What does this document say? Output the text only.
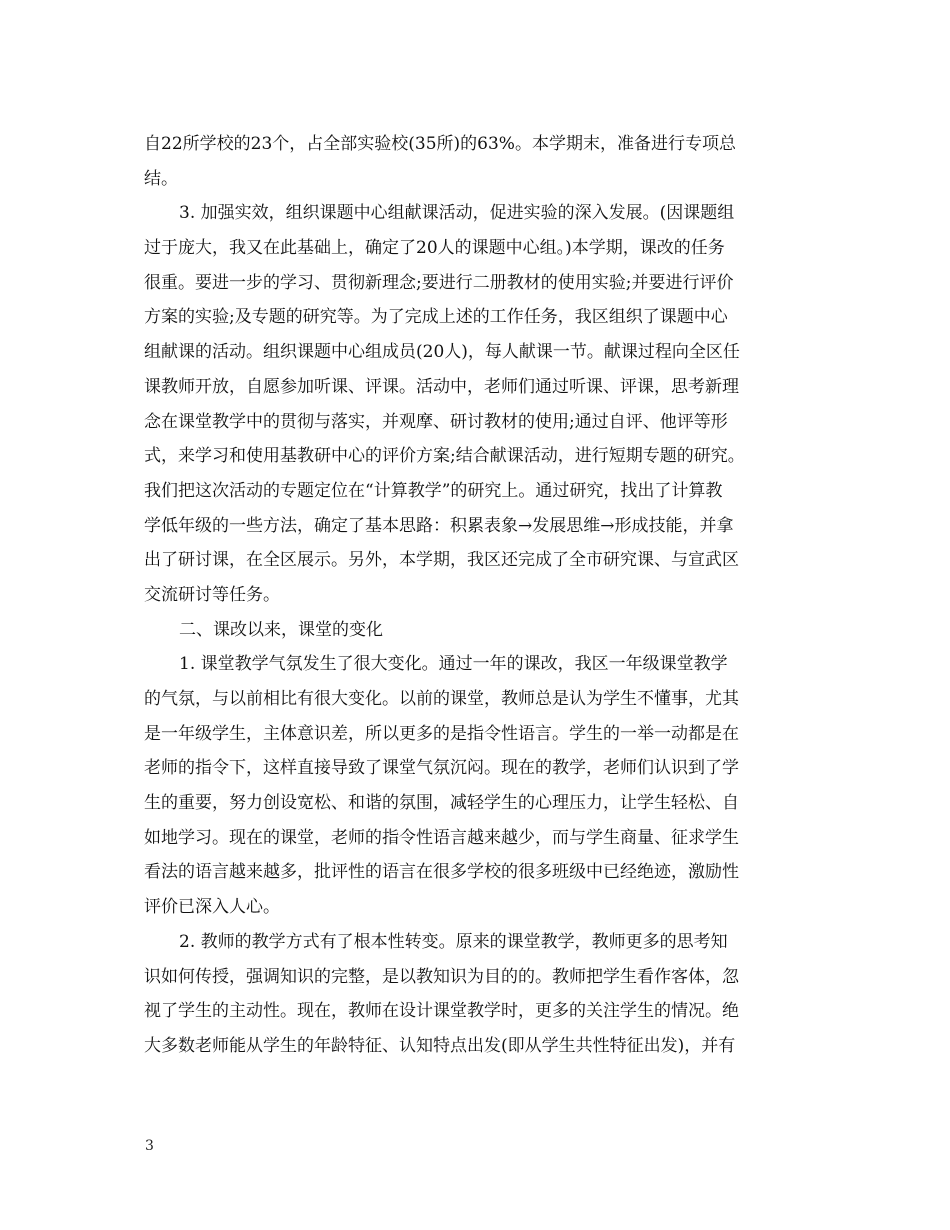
自22所学校的23个，占全部实验校(35所)的63%。本学期末，准备进行专项总
结。
3. 加强实效，组织课题中心组献课活动，促进实验的深入发展。(因课题组
过于庞大，我又在此基础上，确定了20人的课题中心组。)本学期，课改的任务
很重。要进一步的学习、贯彻新理念;要进行二册教材的使用实验;并要进行评价
方案的实验;及专题的研究等。为了完成上述的工作任务，我区组织了课题中心
组献课的活动。组织课题中心组成员(20人)，每人献课一节。献课过程向全区任
课教师开放，自愿参加听课、评课。活动中，老师们通过听课、评课，思考新理
念在课堂教学中的贯彻与落实，并观摩、研讨教材的使用;通过自评、他评等形
式，来学习和使用基教研中心的评价方案;结合献课活动，进行短期专题的研究。
我们把这次活动的专题定位在“计算教学”的研究上。通过研究，找出了计算教
学低年级的一些方法，确定了基本思路：积累表象→发展思维→形成技能，并拿
出了研讨课，在全区展示。另外，本学期，我区还完成了全市研究课、与宣武区
交流研讨等任务。
二、课改以来，课堂的变化
1. 课堂教学气氛发生了很大变化。通过一年的课改，我区一年级课堂教学
的气氛，与以前相比有很大变化。以前的课堂，教师总是认为学生不懂事，尤其
是一年级学生，主体意识差，所以更多的是指令性语言。学生的一举一动都是在
老师的指令下，这样直接导致了课堂气氛沉闷。现在的教学，老师们认识到了学
生的重要，努力创设宽松、和谐的氛围，减轻学生的心理压力，让学生轻松、自
如地学习。现在的课堂，老师的指令性语言越来越少，而与学生商量、征求学生
看法的语言越来越多，批评性的语言在很多学校的很多班级中已经绝迹，激励性
评价已深入人心。
2. 教师的教学方式有了根本性转变。原来的课堂教学，教师更多的思考知
识如何传授，强调知识的完整，是以教知识为目的的。教师把学生看作客体，忽
视了学生的主动性。现在，教师在设计课堂教学时，更多的关注学生的情况。绝
大多数老师能从学生的年龄特征、认知特点出发(即从学生共性特征出发)，并有
3
